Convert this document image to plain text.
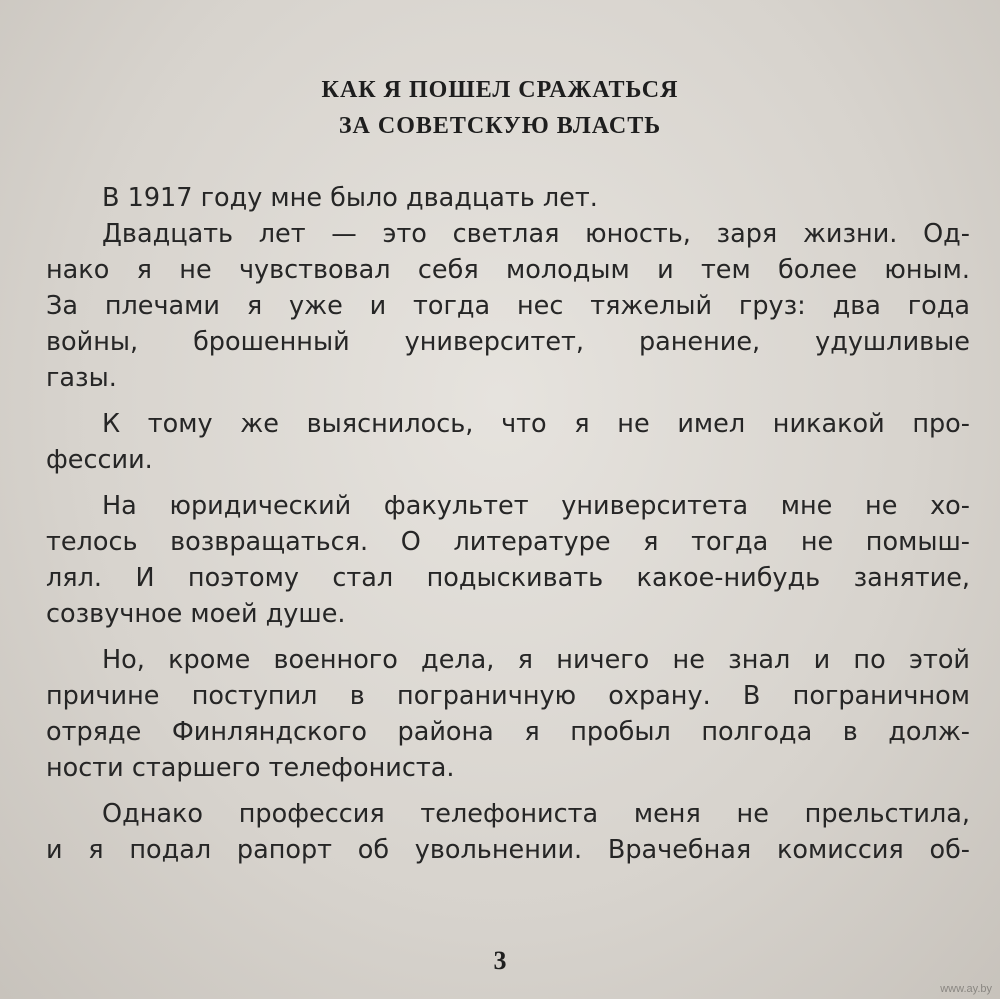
КАК Я ПОШЕЛ СРАЖАТЬСЯ
ЗА СОВЕТСКУЮ ВЛАСТЬ
В 1917 году мне было двадцать лет.
Двадцать лет — это светлая юность, заря жизни. Од-
нако я не чувствовал себя молодым и тем более юным.
За плечами я уже и тогда нес тяжелый груз: два года
войны, брошенный университет, ранение, удушливые
газы.
К тому же выяснилось, что я не имел никакой про-
фессии.
На юридический факультет университета мне не хо-
телось возвращаться. О литературе я тогда не помыш-
лял. И поэтому стал подыскивать какое-нибудь занятие,
созвучное моей душе.
Но, кроме военного дела, я ничего не знал и по этой
причине поступил в пограничную охрану. В пограничном
отряде Финляндского района я пробыл полгода в долж-
ности старшего телефониста.
Однако профессия телефониста меня не прельстила,
и я подал рапорт об увольнении. Врачебная комиссия об-
3
www.ay.by
